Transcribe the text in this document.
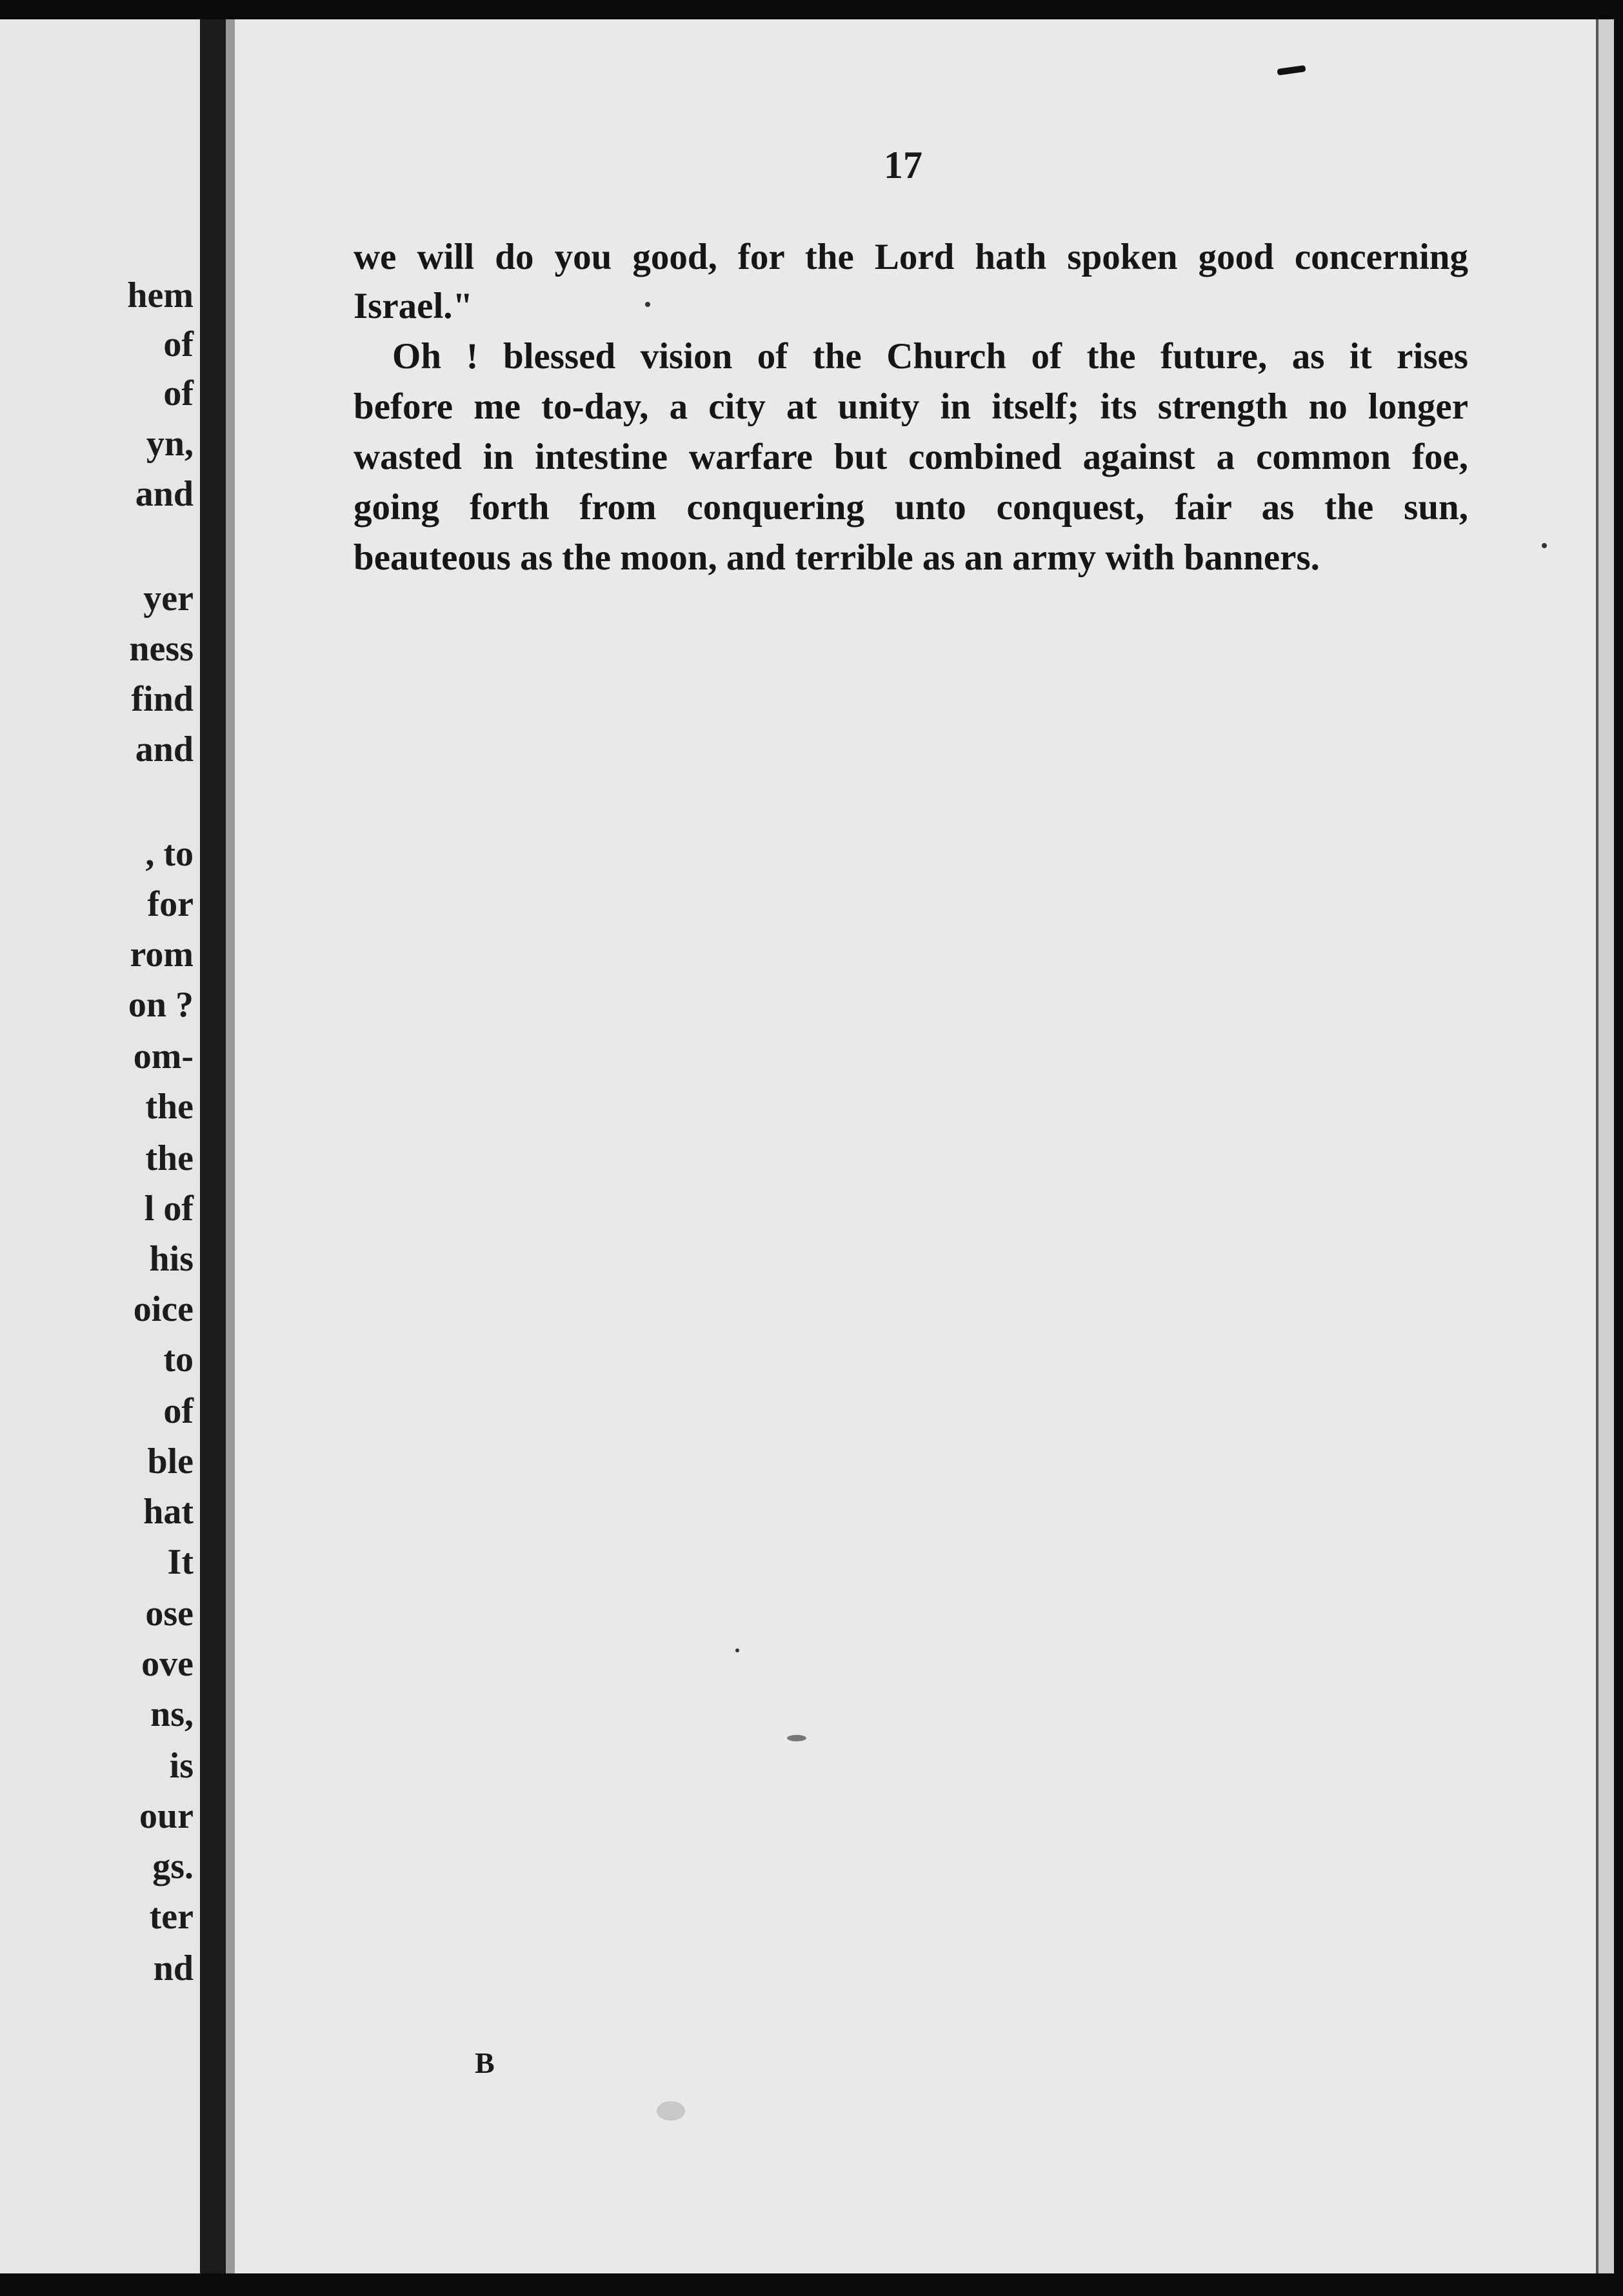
hem
of
of
yn,
and
yer
ness
find
and
, to
for
rom
on ?
om-
the
the
l of
his
oice
to
of
ble
hat
It
ose
ove
ns,
is
our
gs.
ter
nd
17
we will do you good, for the Lord hath spoken good concerning
Israel."
Oh ! blessed vision of the Church of the future, as it rises
before me to-day, a city at unity in itself; its strength no longer
wasted in intestine warfare but combined against a common foe,
going forth from conquering unto conquest, fair as the sun,
beauteous as the moon, and terrible as an army with banners.
B
